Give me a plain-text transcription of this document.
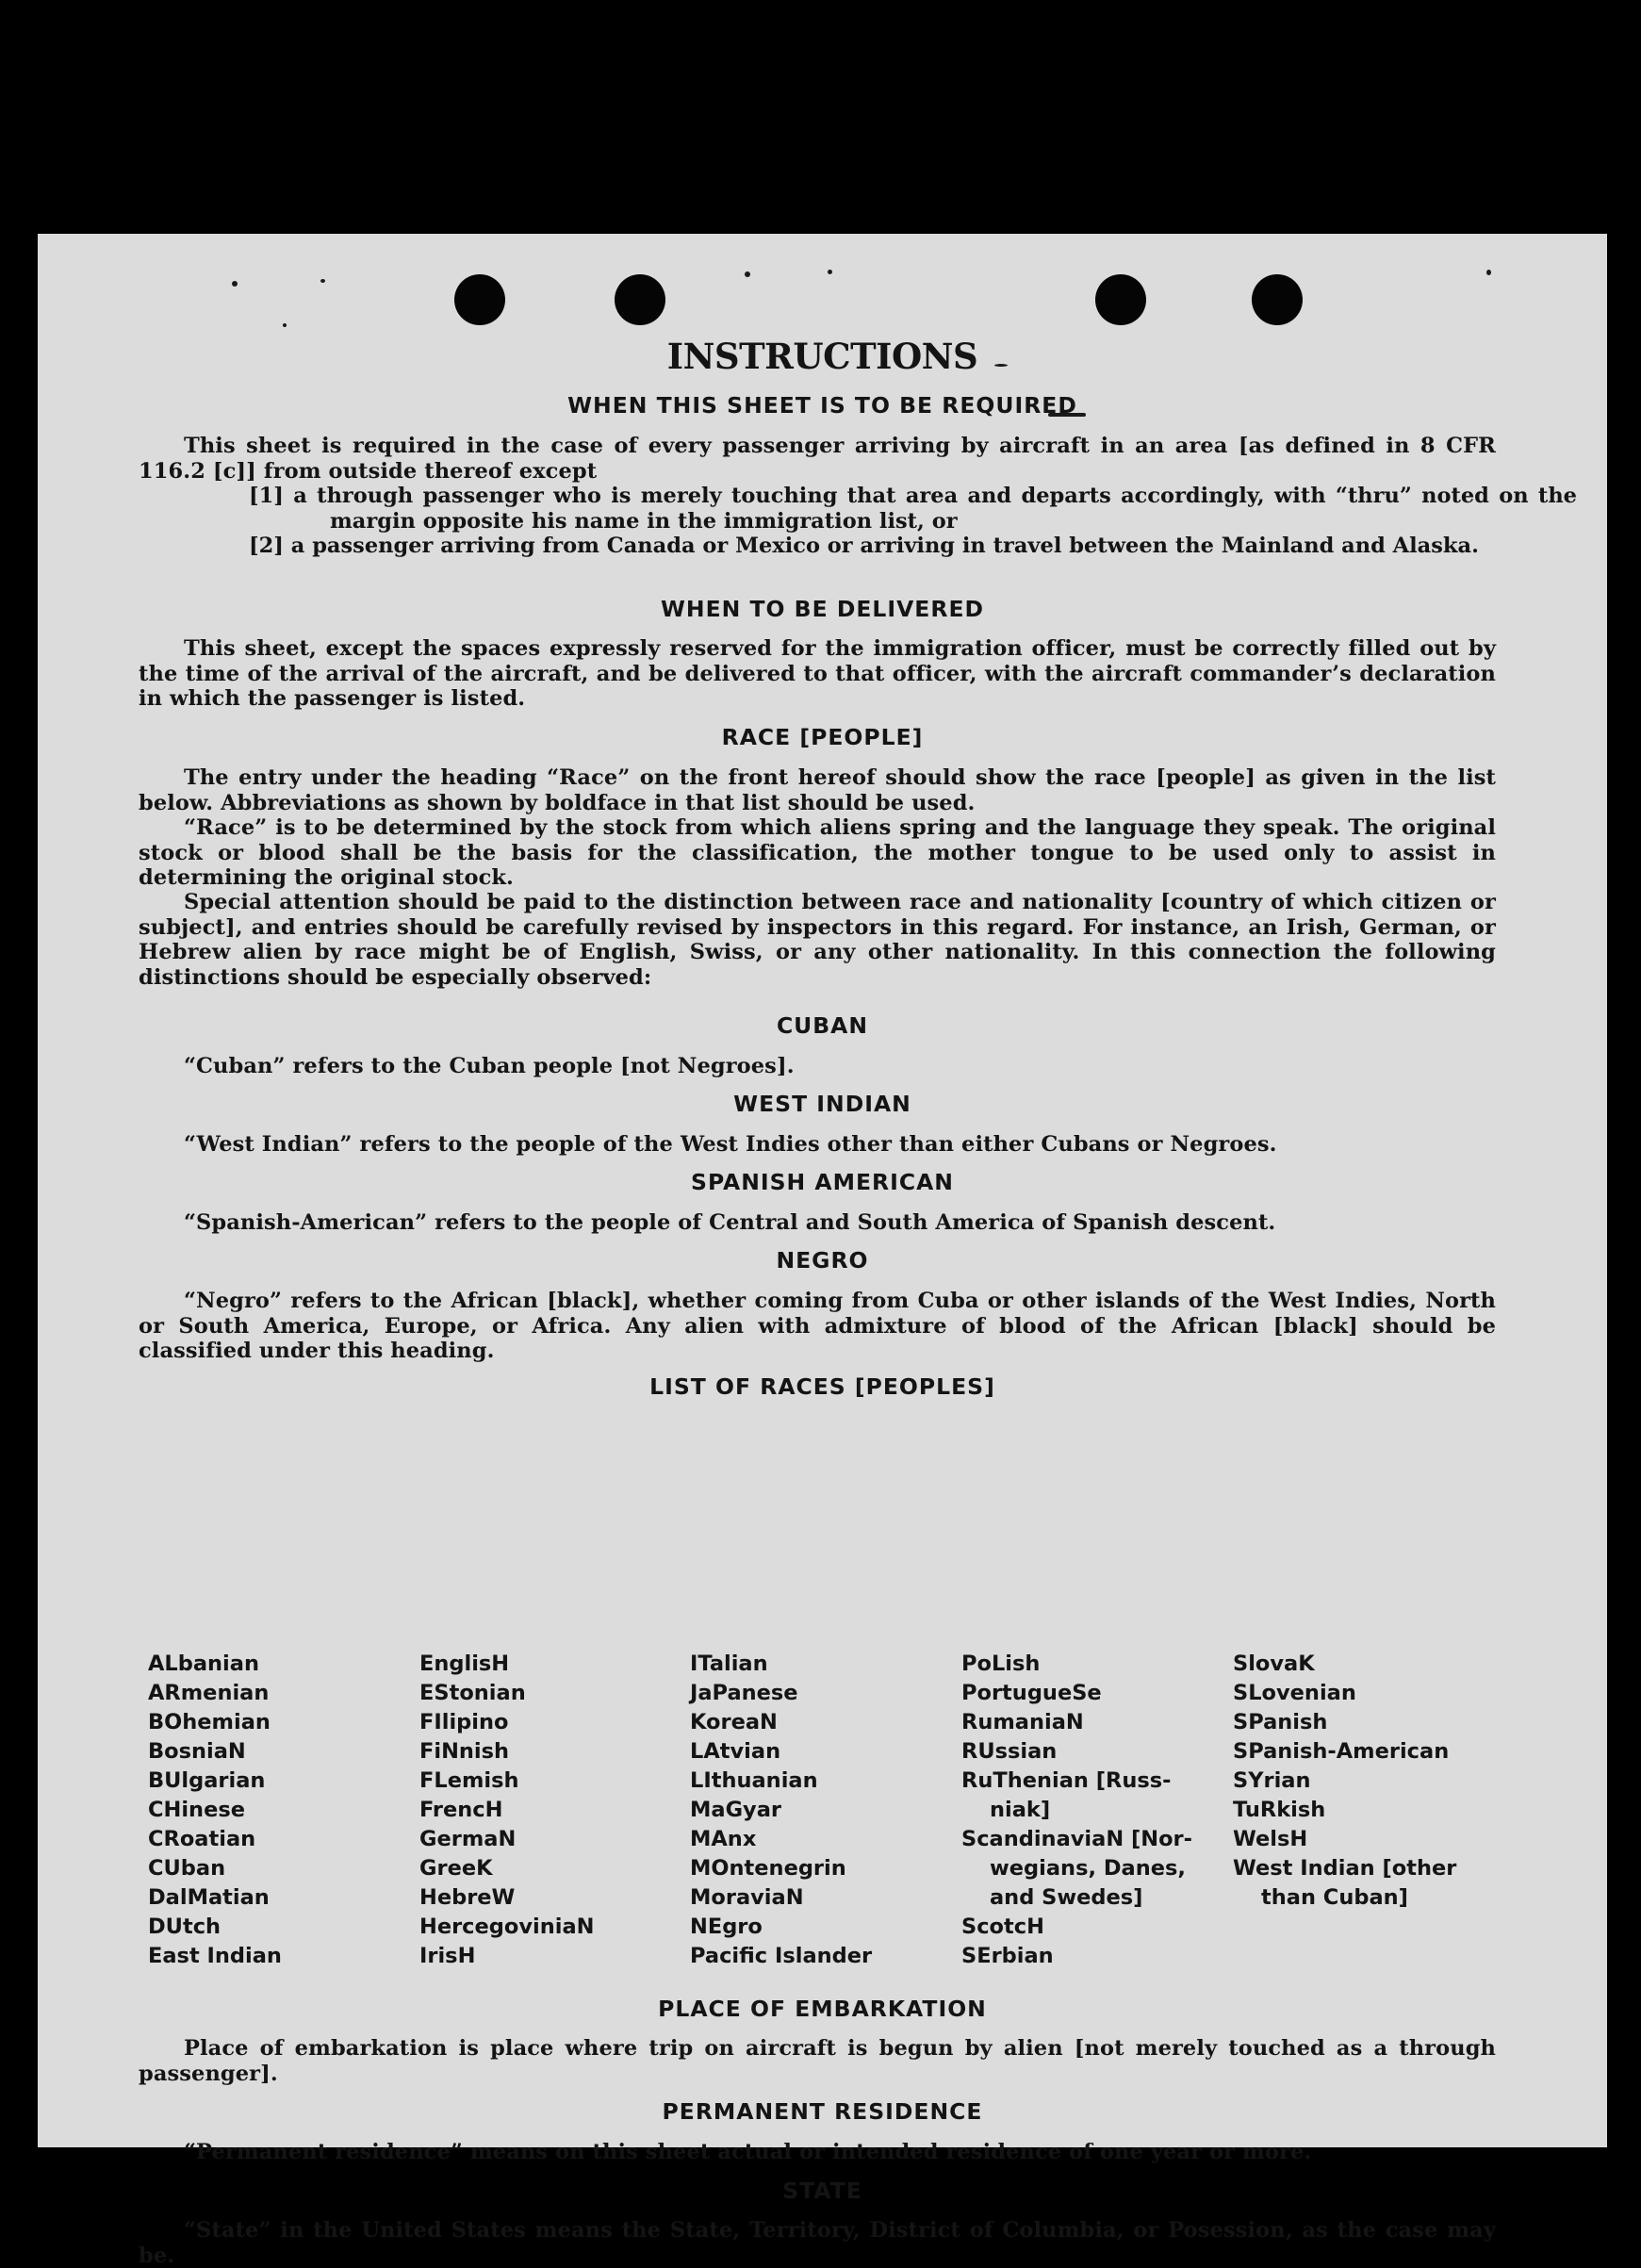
INSTRUCTIONS
WHEN THIS SHEET IS TO BE REQUIRED
This sheet is required in the case of every passenger arriving by aircraft in an area [as defined in 8 CFR 116.2 [c]] from outside thereof except
[1] a through passenger who is merely touching that area and departs accordingly, with “thru” noted on the margin opposite his name in the immigration list, or
[2] a passenger arriving from Canada or Mexico or arriving in travel between the Mainland and Alaska.
WHEN TO BE DELIVERED
This sheet, except the spaces expressly reserved for the immigration officer, must be correctly filled out by the time of the arrival of the aircraft, and be delivered to that officer, with the aircraft commander’s declaration in which the passenger is listed.
RACE [PEOPLE]
The entry under the heading “Race” on the front hereof should show the race [people] as given in the list below. Abbreviations as shown by boldface in that list should be used.
“Race” is to be determined by the stock from which aliens spring and the language they speak. The original stock or blood shall be the basis for the classification, the mother tongue to be used only to assist in determining the original stock.
Special attention should be paid to the distinction between race and nationality [country of which citizen or subject], and entries should be carefully revised by inspectors in this regard. For instance, an Irish, German, or Hebrew alien by race might be of English, Swiss, or any other nationality. In this connection the following distinctions should be especially observed:
CUBAN
“Cuban” refers to the Cuban people [not Negroes].
WEST INDIAN
“West Indian” refers to the people of the West Indies other than either Cubans or Negroes.
SPANISH AMERICAN
“Spanish-American” refers to the people of Central and South America of Spanish descent.
NEGRO
“Negro” refers to the African [black], whether coming from Cuba or other islands of the West Indies, North or South America, Europe, or Africa. Any alien with admixture of blood of the African [black] should be classified under this heading.
LIST OF RACES [PEOPLES]
ALbanian
ARmenian
BOhemian
BosniaN
BUlgarian
CHinese
CRoatian
CUban
DalMatian
DUtch
East Indian
EnglisH
EStonian
FIlipino
FiNnish
FLemish
FrencH
GermaN
GreeK
HebreW
HercegoviniaN
IrisH
ITalian
JaPanese
KoreaN
LAtvian
LIthuanian
MaGyar
MAnx
MOntenegrin
MoraviaN
NEgro
Pacific Islander
PoLish
PortugueSe
RumaniaN
RUssian
RuThenian [Russ-
niak]
ScandinaviaN [Nor-
wegians, Danes,
and Swedes]
ScotcH
SErbian
SlovaK
SLovenian
SPanish
SPanish-American
SYrian
TuRkish
WelsH
West Indian [other
than Cuban]
PLACE OF EMBARKATION
Place of embarkation is place where trip on aircraft is begun by alien [not merely touched as a through passenger].
PERMANENT RESIDENCE
“Permanent residence” means on this sheet actual or intended residence of one year or more.
STATE
“State” in the United States means the State, Territory, District of Columbia, or Posession, as the case may be.
